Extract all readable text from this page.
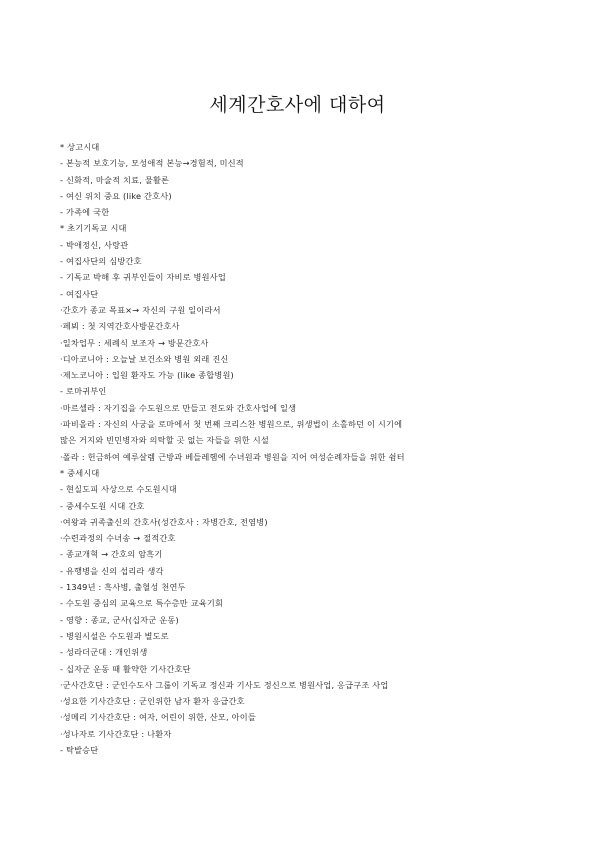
세계간호사에 대하여
* 상고시대
- 본능적 보호기능, 모성애적 본능→경험적, 미신적
- 신화적, 마술적 치료, 물활론
- 여신 위치 중요 (like 간호사)
- 가족에 국한
* 초기기독교 시대
- 박애정신, 사랑관
- 여집사단의 심방간호
- 기독교 박해 후 귀부인들이 자비로 병원사업
- 여집사단
·간호가 종교 목표×→ 자신의 구원 일이라서
·페뵈 : 첫 지역간호사방문간호사
·일차업무 : 세례식 보조자 → 방문간호사
·디아코니아 : 오늘날 보건소와 병원 외래 진신
·제노코니아 : 입원 환자도 가능 (like 종합병원)
- 로마귀부인
·마르셀라 : 자기집을 수도원으로 만들고 전도와 간호사업에 일생
·파비올라 : 자신의 사궁을 로마에서 첫 번째 크리스찬 병원으로, 위생법이 소홀하던 이 시기에
많은 거지와 빈민병자와 의탁할 곳 없는 자들을 위한 시설
·폴라 : 헌금하여 예루살렘 근방과 베들레헴에 수녀원과 병원을 지어 여성순례자들을 위한 쉼터
* 중세시대
- 현실도피 사상으로 수도원시대
- 중세수도원 시대 간호
·여왕과 귀족출신의 간호사(성간호사 : 자병간호, 전염병)
·수련과정의 수녀송 → 절적간호
- 종교개혁 → 간호의 암흑기
- 유행병을 신의 섭리라 생각
- 1349년 : 흑사병, 출혈성 천연두
- 수도원 중심의 교육으로 특수층만 교육기회
- 영향 : 종교, 군사(십자군 운동)
- 병원시설은 수도원과 별도로
- 성라더군대 : 개인위생
- 십자군 운동 때 활약한 기사간호단
·군사간호단 : 군인수도사 그룹이 기독교 정신과 기사도 정신으로 병원사업, 응급구조 사업
·성요한 기사간호단 : 군인위한 남자 환자 응급간호
·성메리 기사간호단 : 여자, 어린이 위한, 산모, 아이들
·성나자로 기사간호단 : 나환자
- 탁발승단
